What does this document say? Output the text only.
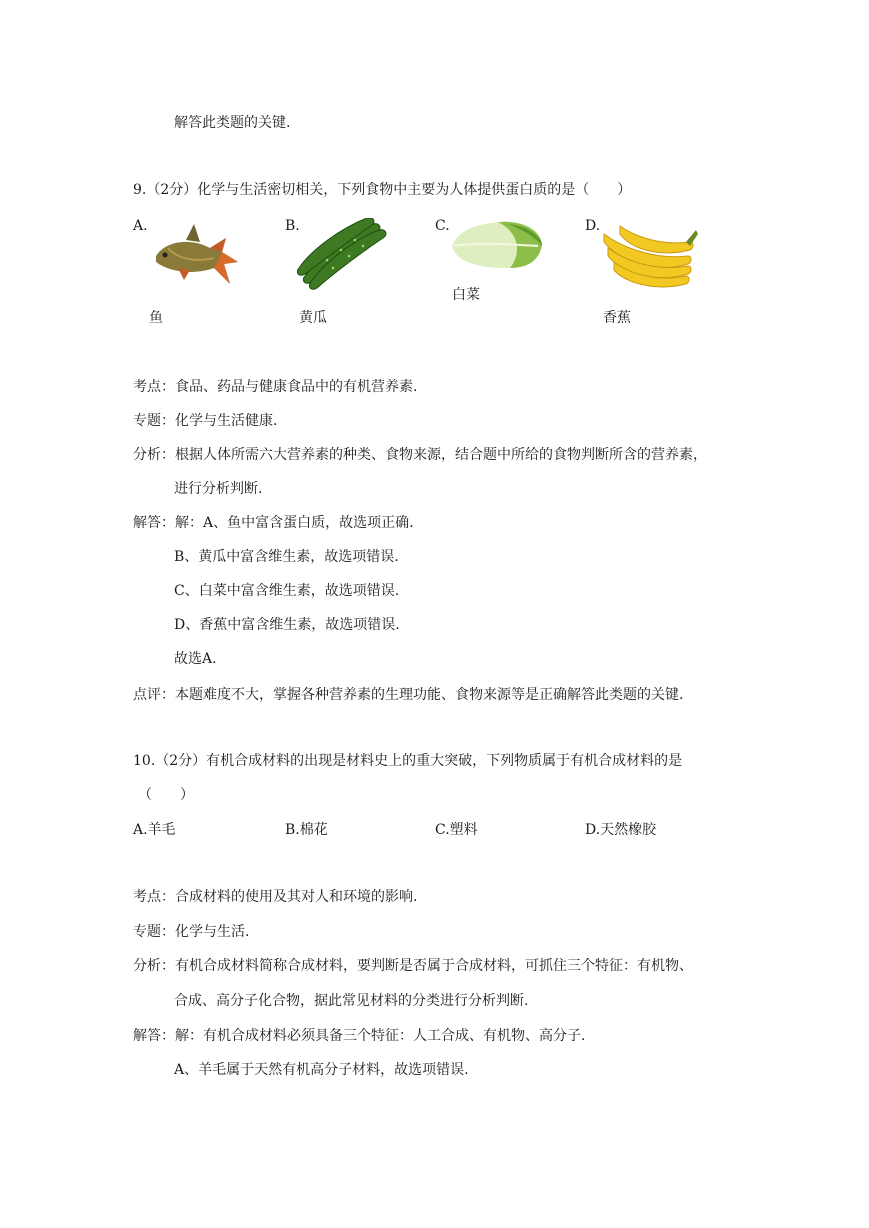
解答此类题的关键.
9.（2分）化学与生活密切相关，下列食物中主要为人体提供蛋白质的是（　　）
A.	B.	C.	D.
白菜
鱼	黄瓜	香蕉
考点：食品、药品与健康食品中的有机营养素.
专题：化学与生活健康.
分析：根据人体所需六大营养素的种类、食物来源，结合题中所给的食物判断所含的营养素，
进行分析判断.
解答：解：A、鱼中富含蛋白质，故选项正确.
B、黄瓜中富含维生素，故选项错误.
C、白菜中富含维生素，故选项错误.
D、香蕉中富含维生素，故选项错误.
故选A.
点评：本题难度不大，掌握各种营养素的生理功能、食物来源等是正确解答此类题的关键.
10.（2分）有机合成材料的出现是材料史上的重大突破，下列物质属于有机合成材料的是
（　　）
A.羊毛	B.棉花	C.塑料	D.天然橡胶
考点：合成材料的使用及其对人和环境的影响.
专题：化学与生活.
分析：有机合成材料简称合成材料，要判断是否属于合成材料，可抓住三个特征：有机物、
合成、高分子化合物，据此常见材料的分类进行分析判断.
解答：解：有机合成材料必须具备三个特征：人工合成、有机物、高分子.
A、羊毛属于天然有机高分子材料，故选项错误.
